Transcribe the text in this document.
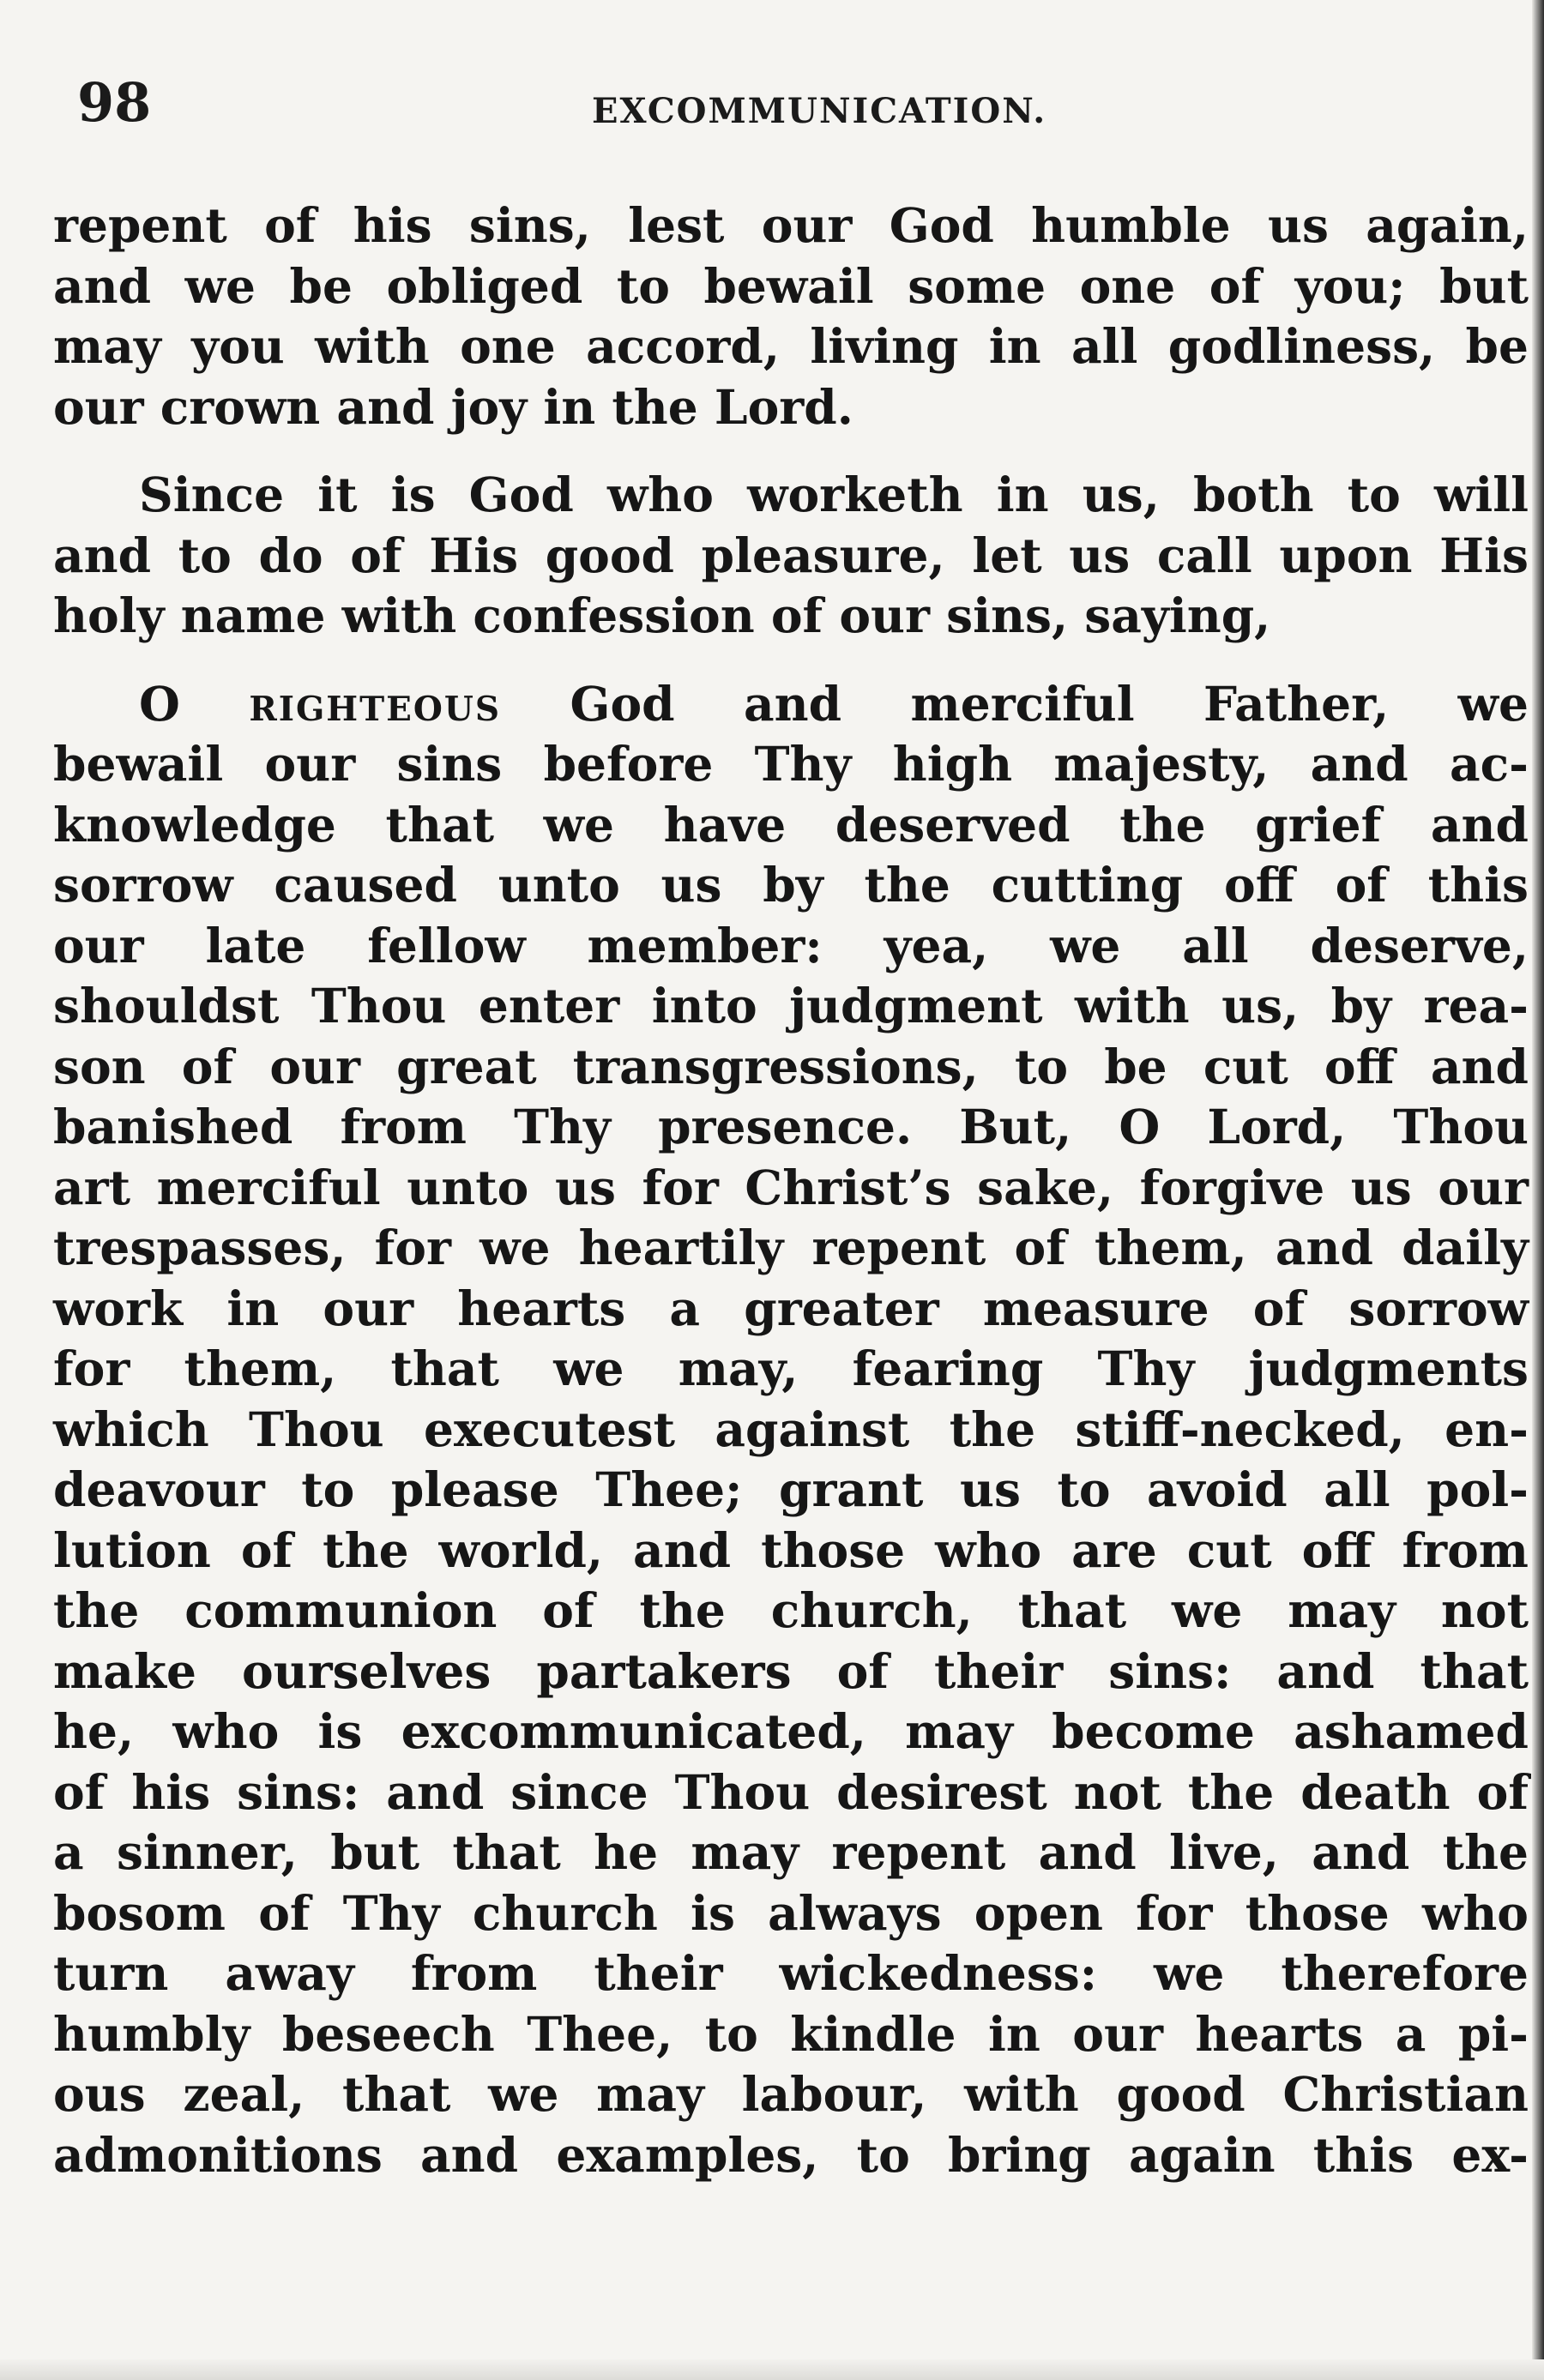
98	EXCOMMUNICATION.

repent of his sins, lest our God humble us again,
and we be obliged to bewail some one of you; but
may you with one accord, living in all godliness, be
our crown and joy in the Lord.

Since it is God who worketh in us, both to will
and to do of His good pleasure, let us call upon His
holy name with confession of our sins, saying,

O righteous God and merciful Father, we
bewail our sins before Thy high majesty, and ac-
knowledge that we have deserved the grief and
sorrow caused unto us by the cutting off of this
our late fellow member: yea, we all deserve,
shouldst Thou enter into judgment with us, by rea-
son of our great transgressions, to be cut off and
banished from Thy presence. But, O Lord, Thou
art merciful unto us for Christ’s sake, forgive us our
trespasses, for we heartily repent of them, and daily
work in our hearts a greater measure of sorrow
for them, that we may, fearing Thy judgments
which Thou executest against the stiff-necked, en-
deavour to please Thee; grant us to avoid all pol-
lution of the world, and those who are cut off from
the communion of the church, that we may not
make ourselves partakers of their sins: and that
he, who is excommunicated, may become ashamed
of his sins: and since Thou desirest not the death of
a sinner, but that he may repent and live, and the
bosom of Thy church is always open for those who
turn away from their wickedness: we therefore
humbly beseech Thee, to kindle in our hearts a pi-
ous zeal, that we may labour, with good Christian
admonitions and examples, to bring again this ex-
